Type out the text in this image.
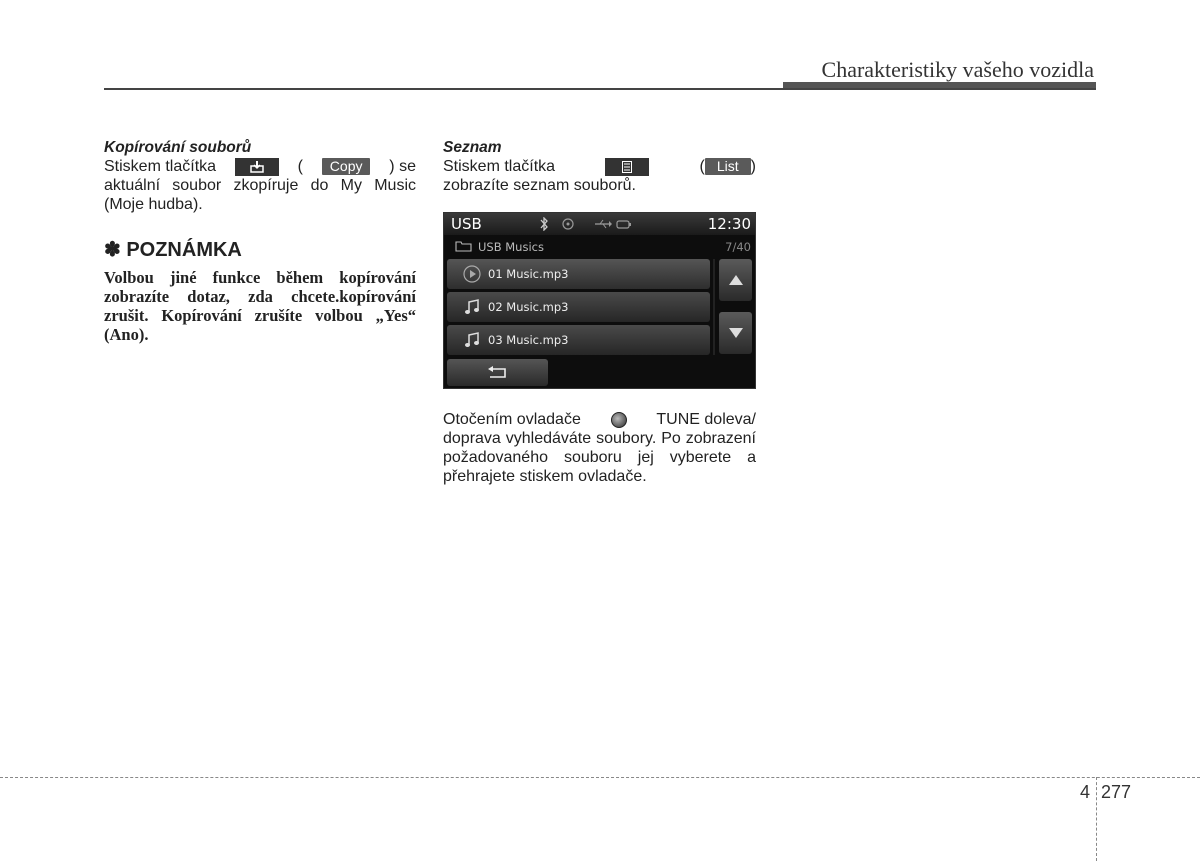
Charakteristiky vašeho vozidla

Kopírování souborů

Stiskem tlačítka	(	Copy	) se

aktuální soubor zkopíruje do My Music (Moje hudba).

✽ POZNÁMKA
Volbou jiné funkce během kopírování zobrazíte dotaz, zda chcete.kopírování zrušit. Kopírování zrušíte volbou „Yes“ (Ano).

Seznam

Stiskem tlačítka	( List )

zobrazíte seznam souborů.

USB	12:30
USB Musics	7/40
01 Music.mp3
02 Music.mp3
03 Music.mp3
Otočením ovladače	TUNE doleva/

doprava vyhledáváte soubory. Po zobrazení požadovaného souboru jej vyberete a přehrajete stiskem ovladače.

4 277
